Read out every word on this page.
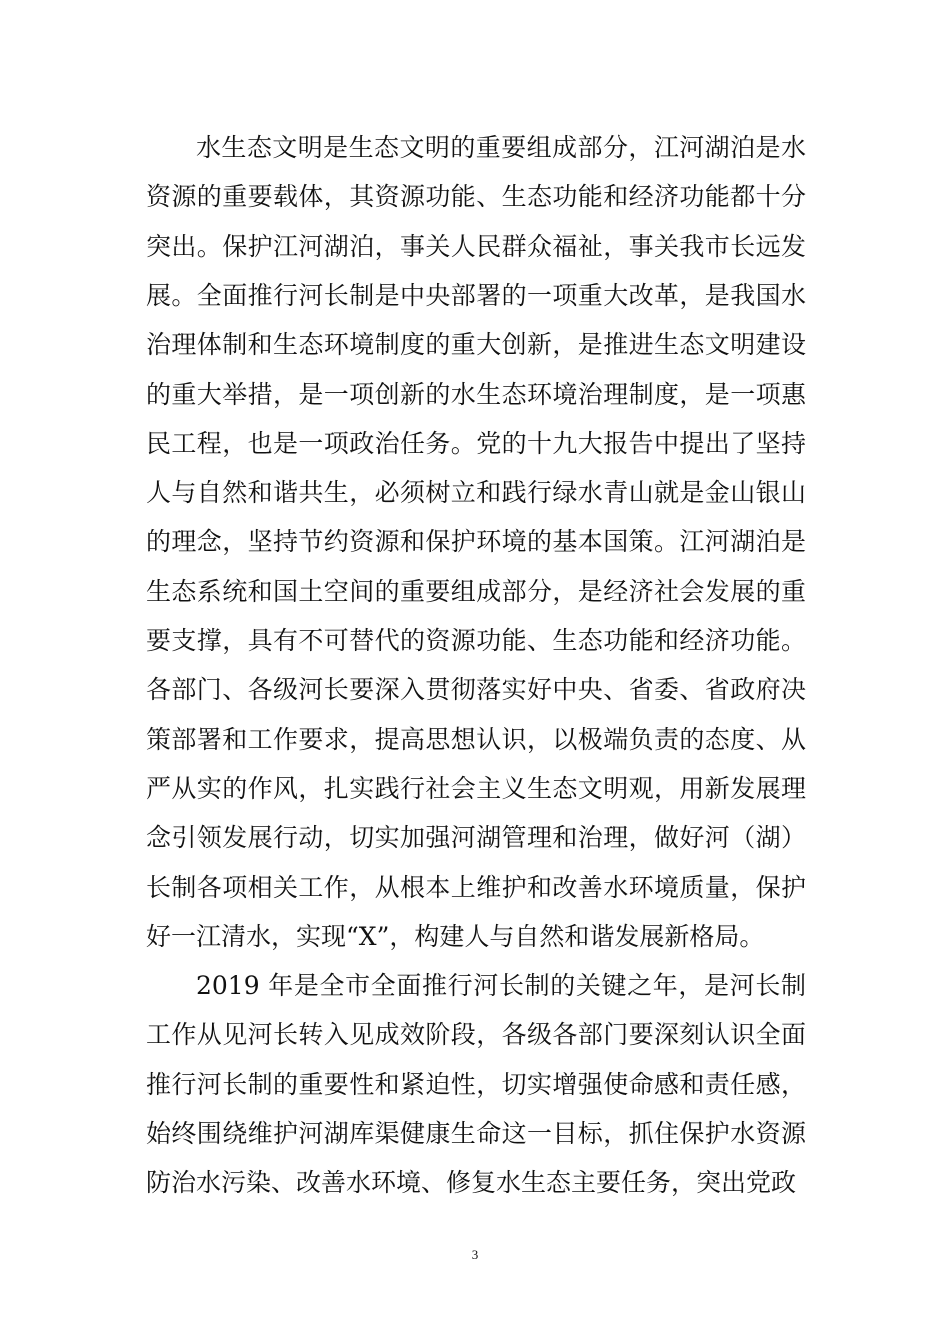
水生态文明是生态文明的重要组成部分，江河湖泊是水
资源的重要载体，其资源功能、生态功能和经济功能都十分
突出。保护江河湖泊，事关人民群众福祉，事关我市长远发
展。全面推行河长制是中央部署的一项重大改革，是我国水
治理体制和生态环境制度的重大创新，是推进生态文明建设
的重大举措，是一项创新的水生态环境治理制度，是一项惠
民工程，也是一项政治任务。党的十九大报告中提出了坚持
人与自然和谐共生，必须树立和践行绿水青山就是金山银山
的理念，坚持节约资源和保护环境的基本国策。江河湖泊是
生态系统和国土空间的重要组成部分，是经济社会发展的重
要支撑，具有不可替代的资源功能、生态功能和经济功能。
各部门、各级河长要深入贯彻落实好中央、省委、省政府决
策部署和工作要求，提高思想认识，以极端负责的态度、从
严从实的作风，扎实践行社会主义生态文明观，用新发展理
念引领发展行动，切实加强河湖管理和治理，做好河（湖）
长制各项相关工作，从根本上维护和改善水环境质量，保护
好一江清水，实现“X”，构建人与自然和谐发展新格局。
2019 年是全市全面推行河长制的关键之年，是河长制
工作从见河长转入见成效阶段，各级各部门要深刻认识全面
推行河长制的重要性和紧迫性，切实增强使命感和责任感，
始终围绕维护河湖库渠健康生命这一目标，抓住保护水资源
防治水污染、改善水环境、修复水生态主要任务，突出党政
3
